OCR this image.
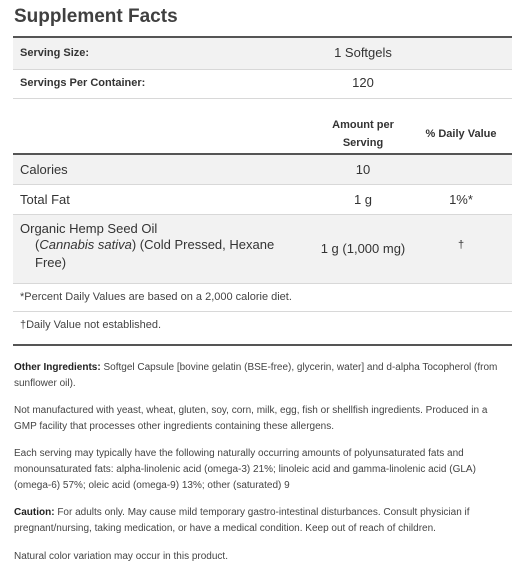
Supplement Facts
Serving Size:	1 Softgels
Servings Per Container:	120
Amount per
Serving
% Daily Value
Calories	10
Total Fat	1 g	1%*
Organic Hemp Seed Oil
(Cannabis sativa) (Cold Pressed, Hexane
Free)
1 g (1,000 mg)	†
*Percent Daily Values are based on a 2,000 calorie diet.
†Daily Value not established.

Other Ingredients: Softgel Capsule [bovine gelatin (BSE-free), glycerin, water] and d-alpha Tocopherol (from sunflower oil).

Not manufactured with yeast, wheat, gluten, soy, corn, milk, egg, fish or shellfish ingredients. Produced in a GMP facility that processes other ingredients containing these allergens.

Each serving may typically have the following naturally occurring amounts of polyunsaturated fats and monounsaturated fats: alpha-linolenic acid (omega-3) 21%; linoleic acid and gamma-linolenic acid (GLA) (omega-6) 57%; oleic acid (omega-9) 13%; other (saturated) 9

Caution: For adults only. May cause mild temporary gastro-intestinal disturbances. Consult physician if pregnant/nursing, taking medication, or have a medical condition. Keep out of reach of children.

Natural color variation may occur in this product.
